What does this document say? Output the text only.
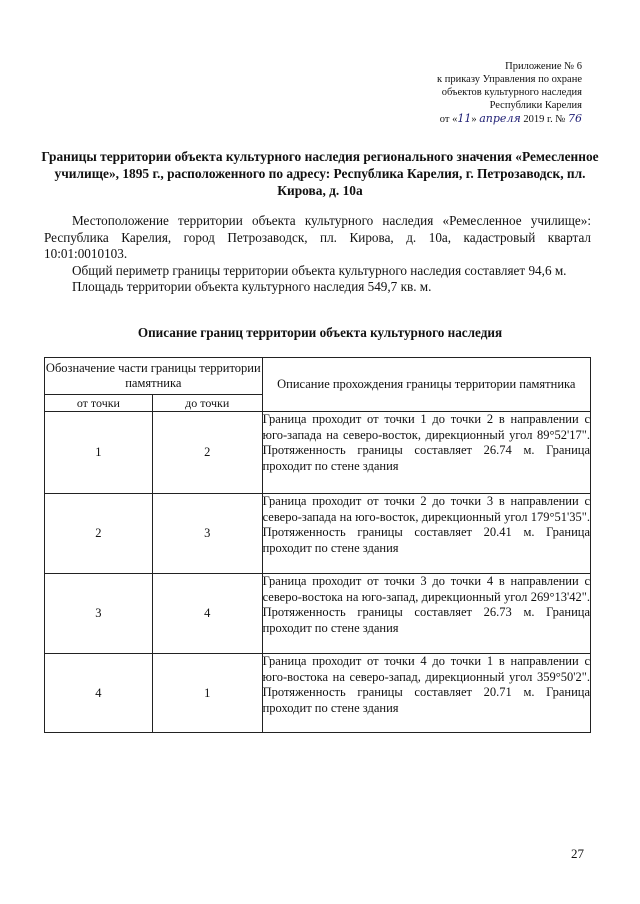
Приложение № 6
к приказу Управления по охране
объектов культурного наследия
Республики Карелия
от «11» апреля 2019 г. № 76
Границы территории объекта культурного наследия регионального значения «Ремесленное училище», 1895 г., расположенного по адресу: Республика Карелия, г. Петрозаводск, пл. Кирова, д. 10а

Местоположение территории объекта культурного наследия «Ремесленное училище»: Республика Карелия, город Петрозаводск, пл. Кирова, д. 10а, кадастровый квартал 10:01:0010103.

Общий периметр границы территории объекта культурного наследия составляет 94,6 м.

Площадь территории объекта культурного наследия 549,7 кв. м.

Описание границ территории объекта культурного наследия
Обозначение части границы территории памятника		Описание прохождения границы территории памятника
от точки	до точки	
1	2	Граница проходит от точки 1 до точки 2 в направлении с юго-запада на северо-восток, дирекционный угол 89°52'17". Протяженность границы составляет 26.74 м. Граница проходит по стене здания
2	3	Граница проходит от точки 2 до точки 3 в направлении с северо-запада на юго-восток, дирекционный угол 179°51'35". Протяженность границы составляет 20.41 м. Граница проходит по стене здания
3	4	Граница проходит от точки 3 до точки 4 в направлении с северо-востока на юго-запад, дирекционный угол 269°13'42". Протяженность границы составляет 26.73 м. Граница проходит по стене здания
4	1	Граница проходит от точки 4 до точки 1 в направлении с юго-востока на северо-запад, дирекционный угол 359°50'2". Протяженность границы составляет 20.71 м. Граница проходит по стене здания
27
